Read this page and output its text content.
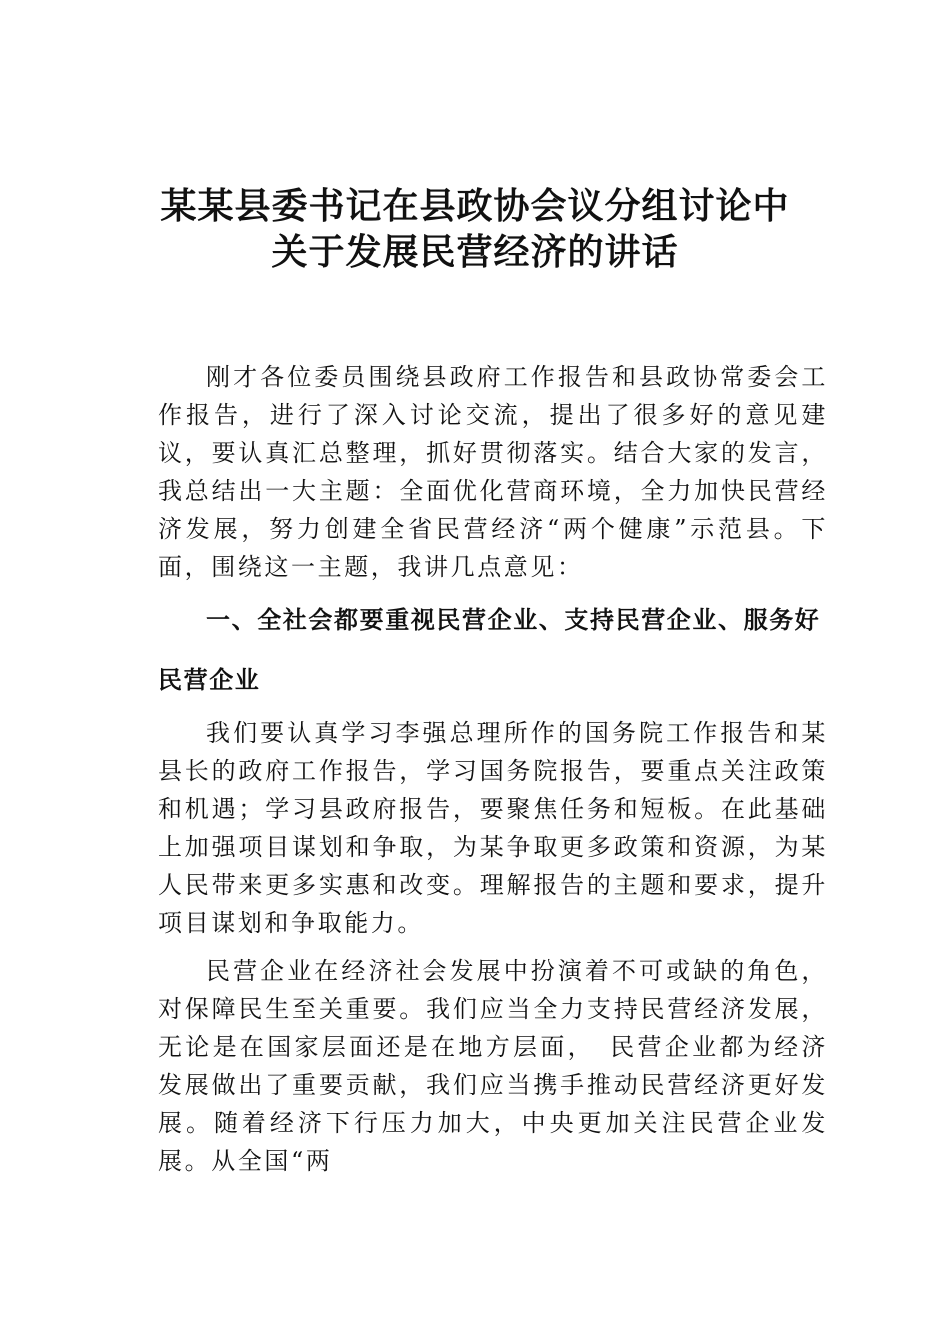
某某县委书记在县政协会议分组讨论中
关于发展民营经济的讲话

刚才各位委员围绕县政府工作报告和县政协常委会工作报告，进行了深入讨论交流，提出了很多好的意见建议，要认真汇总整理，抓好贯彻落实。结合大家的发言，我总结出一大主题：全面优化营商环境，全力加快民营经济发展，努力创建全省民营经济“两个健康”示范县。下面，围绕这一主题，我讲几点意见：

一、全社会都要重视民营企业、支持民营企业、服务好民营企业

我们要认真学习李强总理所作的国务院工作报告和某县长的政府工作报告，学习国务院报告，要重点关注政策和机遇；学习县政府报告，要聚焦任务和短板。在此基础上加强项目谋划和争取，为某争取更多政策和资源，为某人民带来更多实惠和改变。理解报告的主题和要求，提升项目谋划和争取能力。

民营企业在经济社会发展中扮演着不可或缺的角色，对保障民生至关重要。我们应当全力支持民营经济发展，无论是在国家层面还是在地方层面，　民营企业都为经济发展做出了重要贡献，我们应当携手推动民营经济更好发展。随着经济下行压力加大，中央更加关注民营企业发展。从全国“两
